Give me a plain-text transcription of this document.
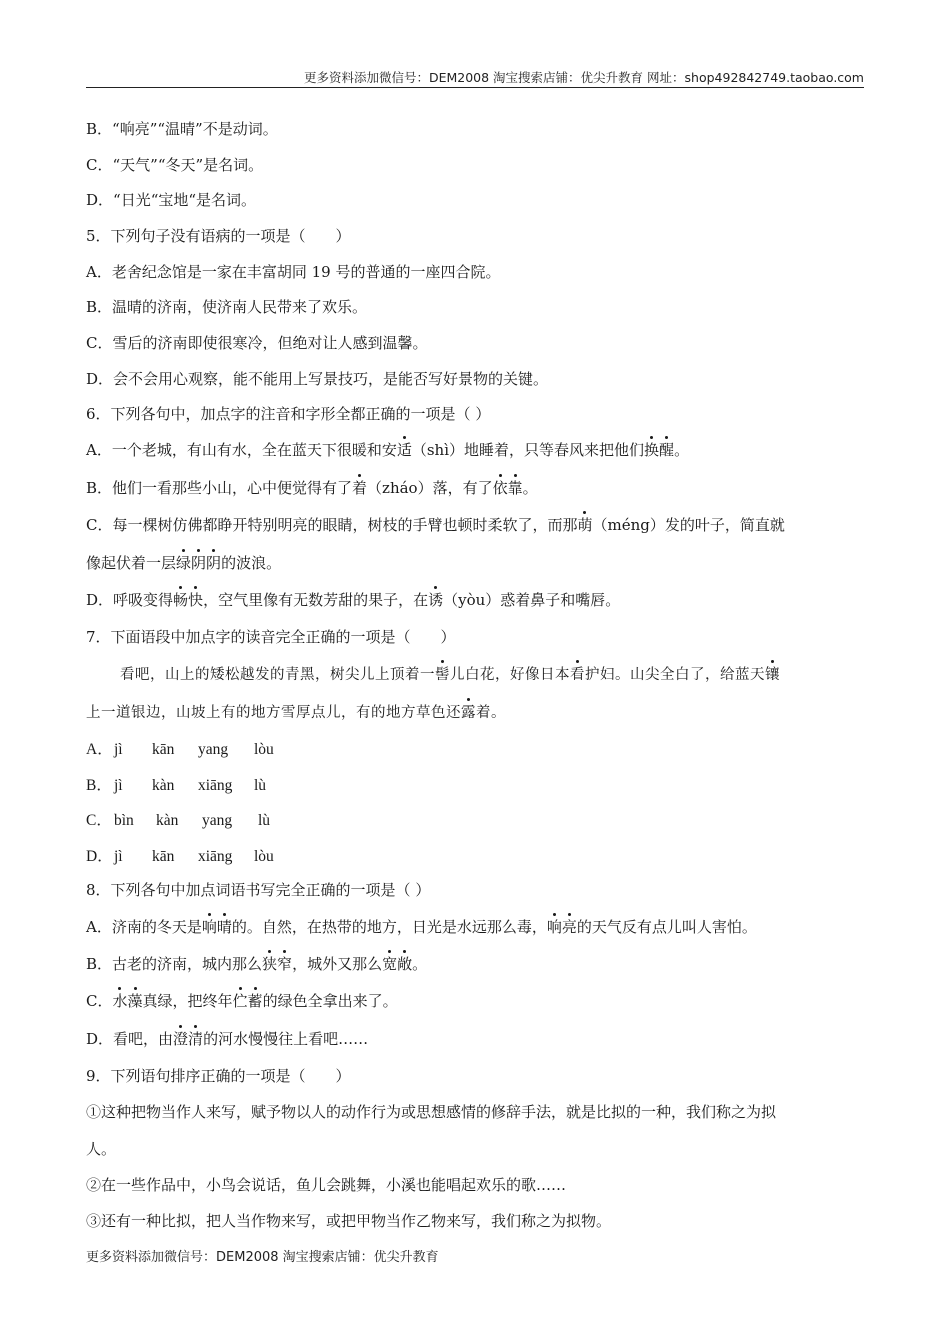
更多资料添加微信号：DEM2008 淘宝搜索店铺：优尖升教育 网址：shop492842749.taobao.com
B．“响亮”“温晴”不是动词。
C．“天气”“冬天”是名词。
D．“日光“宝地“是名词。
5．下列句子没有语病的一项是（　　）
A．老舍纪念馆是一家在丰富胡同 19 号的普通的一座四合院。
B．温晴的济南，使济南人民带来了欢乐。
C．雪后的济南即使很寒冷，但绝对让人感到温馨。
D．会不会用心观察，能不能用上写景技巧，是能否写好景物的关键。
6．下列各句中，加点字的注音和字形全都正确的一项是（ ）
A．一个老城，有山有水，全在蓝天下很暖和安适（shì）地睡着，只等春风来把他们换醒。
B．他们一看那些小山，心中便觉得有了着（zháo）落，有了依靠。
C．每一棵树仿佛都睁开特别明亮的眼睛，树枝的手臂也顿时柔软了，而那萌（méng）发的叶子，简直就
像起伏着一层绿阴阴的波浪。
D．呼吸变得畅快，空气里像有无数芳甜的果子，在诱（yòu）惑着鼻子和嘴唇。
7．下面语段中加点字的读音完全正确的一项是（　　）
看吧，山上的矮松越发的青黑，树尖儿上顶着一髻儿白花，好像日本看护妇。山尖全白了，给蓝天镶
上一道银边，山坡上有的地方雪厚点儿，有的地方草色还露着。
A．jì kān yang lòu
B． jì kàn xiāng lù
C． bìn kàn yang lù
D．jì kān xiāng lòu
8．下列各句中加点词语书写完全正确的一项是（ ）
A．济南的冬天是响晴的。自然，在热带的地方，日光是水远那么毒，响亮的天气反有点儿叫人害怕。
B．古老的济南，城内那么狭窄，城外又那么宽敞。
C．水藻真绿，把终年伫蓄的绿色全拿出来了。
D．看吧，由澄清的河水慢慢往上看吧……
9．下列语句排序正确的一项是（　　）
①这种把物当作人来写，赋予物以人的动作行为或思想感情的修辞手法，就是比拟的一种，我们称之为拟
人。
②在一些作品中，小鸟会说话，鱼儿会跳舞，小溪也能唱起欢乐的歌……
③还有一种比拟，把人当作物来写，或把甲物当作乙物来写，我们称之为拟物。
更多资料添加微信号：DEM2008 淘宝搜索店铺：优尖升教育
